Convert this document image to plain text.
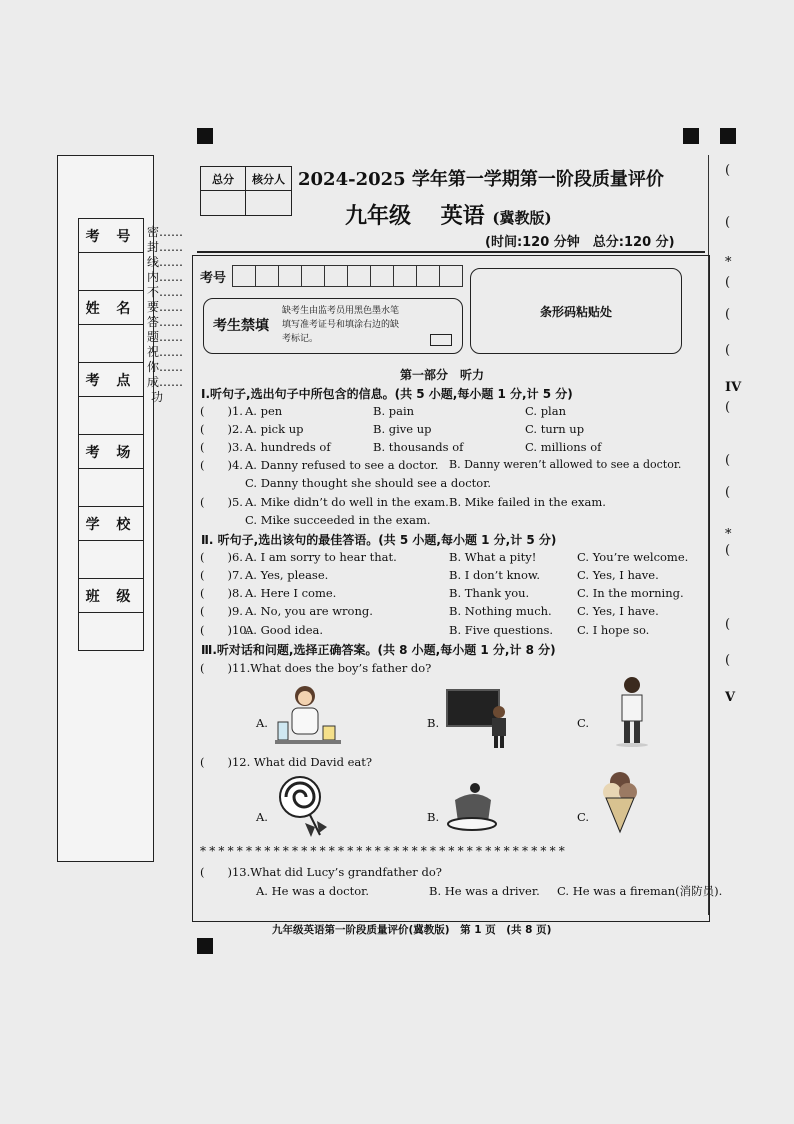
考 号
姓 名
考 点
考 场
学 校
班 级
密……封……线……内……不……要……答……题……祝……你……成……功
(
(
*
(
(
(
IV
(
(
(
*
(
(
(
V
总分	核分人 2024-2025 学年第一学期第一阶段质量评价
九年级　 英语 (冀教版)
(时间:120 分钟　总分:120 分)
考号
考生禁填
缺考生由监考员用黑色墨水笔
填写准考证号和填涂右边的缺
考标记。
条形码粘贴处
第一部分　听力
Ⅰ.听句子,选出句子中所包含的信息。(共 5 小题,每小题 1 分,计 5 分)
(　　)1. A. pen	B. pain	C. plan
(　　)2. A. pick up	B. give up	C. turn up
(　　)3. A. hundreds of	B. thousands of	C. millions of
(　　)4. A. Danny refused to see a doctor. B. Danny weren’t allowed to see a doctor.
C. Danny thought she should see a doctor.
(　　)5. A. Mike didn’t do well in the exam. B. Mike failed in the exam.
C. Mike succeeded in the exam.
Ⅱ. 听句子,选出该句的最佳答语。(共 5 小题,每小题 1 分,计 5 分)
(　　)6. A. I am sorry to hear that.	B. What a pity!	C. You’re welcome.
(　　)7. A. Yes, please.	B. I don’t know.	C. Yes, I have.
(　　)8. A. Here I come.	B. Thank you.	C. In the morning.
(　　)9. A. No, you are wrong.	B. Nothing much. C. Yes, I have.
(　　)10.
A. Good idea.	B. Five questions. C. I hope so.
Ⅲ.听对话和问题,选择正确答案。(共 8 小题,每小题 1 分,计 8 分)
(　　)11.What does the boy’s father do?
A.	B.	C.
(　　)12. What did David eat?
A.	B.	C.
****************************************
(　　)13.What did Lucy’s grandfather do?
A. He was a doctor.	B. He was a driver. C. He was a fireman(消防员).
九年级英语第一阶段质量评价(冀教版)　第 1 页　(共 8 页)
